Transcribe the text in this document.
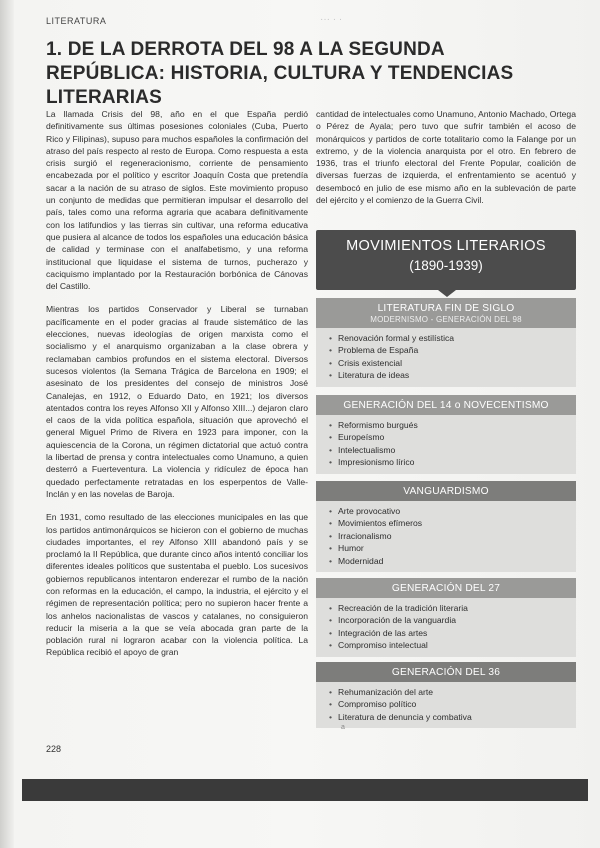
LITERATURA	··· · ·
1. DE LA DERROTA DEL 98 A LA SEGUNDA REPÚBLICA: HISTORIA, CULTURA Y TENDENCIAS LITERARIAS

La llamada Crisis del 98, año en el que España perdió definitivamente sus últimas posesiones coloniales (Cuba, Puerto Rico y Filipinas), supuso para muchos españoles la confirmación del atraso del país respecto al resto de Europa. Como respuesta a esta crisis surgió el regeneracionismo, corriente de pensamiento encabezada por el político y escritor Joaquín Costa que pretendía sacar a la nación de su atraso de siglos. Este movimiento propuso un conjunto de medidas que permitieran impulsar el desarrollo del país, tales como una reforma agraria que acabara definitivamente con los latifundios y las tierras sin cultivar, una reforma educativa que pusiera al alcance de todos los españoles una educación básica de calidad y terminase con el analfabetismo, y una reforma institucional que liquidase el sistema de turnos, pucherazo y caciquismo implantado por la Restauración borbónica de Cánovas del Castillo.

Mientras los partidos Conservador y Liberal se turnaban pacíficamente en el poder gracias al fraude sistemático de las elecciones, nuevas ideologías de origen marxista como el socialismo y el anarquismo organizaban a la clase obrera y reclamaban cambios profundos en el sistema electoral. Diversos sucesos violentos (la Semana Trágica de Barcelona en 1909; el asesinato de los presidentes del consejo de ministros José Canalejas, en 1912, o Eduardo Dato, en 1921; los diversos atentados contra los reyes Alfonso XII y Alfonso XIII...) dejaron claro el caos de la vida política española, situación que aprovechó el general Miguel Primo de Rivera en 1923 para imponer, con la aquiescencia de la Corona, un régimen dictatorial que actuó contra la libertad de prensa y contra intelectuales como Unamuno, a quien desterró a Fuerteventura. La violencia y ridículez de época han quedado perfectamente retratadas en los esperpentos de Valle-Inclán y en las novelas de Baroja.

En 1931, como resultado de las elecciones municipales en las que los partidos antimonárquicos se hicieron con el gobierno de muchas ciudades importantes, el rey Alfonso XIII abandonó país y se proclamó la II República, que durante cinco años intentó conciliar los diferentes ideales políticos que sustentaba el pueblo. Los sucesivos gobiernos republicanos intentaron enderezar el rumbo de la nación con reformas en la educación, el campo, la industria, el ejército y el régimen de representación política; pero no supieron hacer frente a los anhelos nacionalistas de vascos y catalanes, no consiguieron reducir la miseria a la que se veía abocada gran parte de la población rural ni lograron acabar con la violencia política. La República recibió el apoyo de gran

cantidad de intelectuales como Unamuno, Antonio Machado, Ortega o Pérez de Ayala; pero tuvo que sufrir también el acoso de monárquicos y partidos de corte totalitario como la Falange por un extremo, y de la violencia anarquista por el otro. En febrero de 1936, tras el triunfo electoral del Frente Popular, coalición de diversas fuerzas de izquierda, el enfrentamiento se acentuó y desembocó en julio de ese mismo año en la sublevación de parte del ejército y el comienzo de la Guerra Civil.

MOVIMIENTOS LITERARIOS
(1890-1939)
LITERATURA FIN DE SIGLO
MODERNISMO - GENERACIÓN DEL 98
• Renovación formal y estilística
• Problema de España
• Crisis existencial
• Literatura de ideas
GENERACIÓN DEL 14 o NOVECENTISMO
• Reformismo burgués
• Europeísmo
• Intelectualismo
• Impresionismo lírico
VANGUARDISMO
• Arte provocativo
• Movimientos efímeros
• Irracionalismo
• Humor
• Modernidad
GENERACIÓN DEL 27
• Recreación de la tradición literaria
• Incorporación de la vanguardia
• Integración de las artes
• Compromiso intelectual
GENERACIÓN DEL 36
• Rehumanización del arte
• Compromiso político
• Literatura de denuncia y combativa
a
228
